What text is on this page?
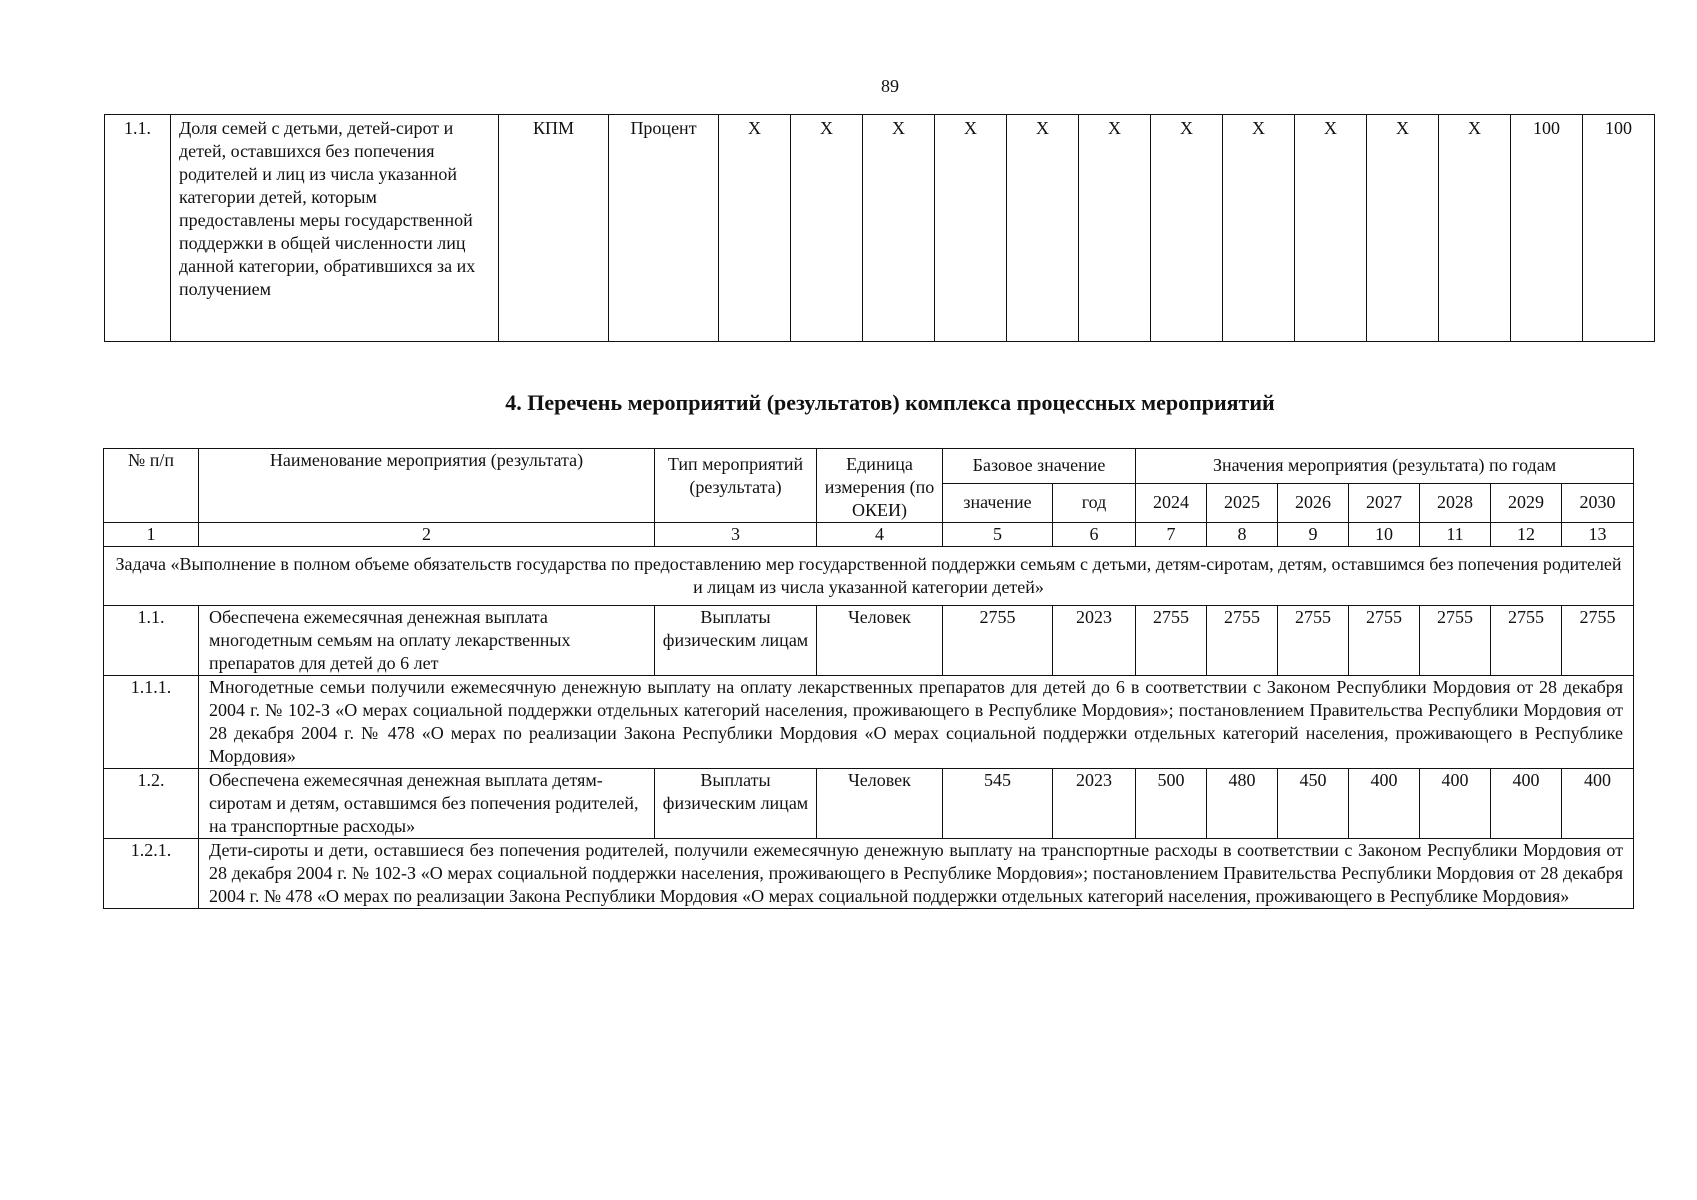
89
1.1.	Доля семей с детьми, детей-сирот и детей, оставшихся без попечения родителей и лиц из числа указанной категории детей, которым предоставлены меры государственной поддержки в общей численности лиц данной категории, обратившихся за их получением	КПМ	Процент	X	X	X	X	X	X	X	X	X	X	X	100	100
4. Перечень мероприятий (результатов) комплекса процессных мероприятий
№ п/п	Наименование мероприятия (результата)	Тип мероприятий (результата)	Единица измерения (по ОКЕИ)	Базовое значение		Значения мероприятия (результата) по годам						
				значение	год	2024	2025	2026	2027	2028	2029	2030
1	2	3	4	5	6	7	8	9	10	11	12	13
Задача «Выполнение в полном объеме обязательств государства по предоставлению мер государственной поддержки семьям с детьми, детям-сиротам, детям, оставшимся без попечения родителей и лицам из числа указанной категории детей»												
1.1.	Обеспечена ежемесячная денежная выплата многодетным семьям на оплату лекарственных препаратов для детей до 6 лет	Выплаты физическим лицам	Человек	2755	2023	2755	2755	2755	2755	2755	2755	2755
1.1.1.	Многодетные семьи получили ежемесячную денежную выплату на оплату лекарственных препаратов для детей до 6 в соответствии с Законом Республики Мордовия от 28 декабря 2004 г. № 102-З «О мерах социальной поддержки отдельных категорий населения, проживающего в Республике Мордовия»; постановлением Правительства Республики Мордовия от 28 декабря 2004 г. № 478 «О мерах по реализации Закона Республики Мордовия «О мерах социальной поддержки отдельных категорий населения, проживающего в Республике Мордовия»											
1.2.	Обеспечена ежемесячная денежная выплата детям-сиротам и детям, оставшимся без попечения родителей, на транспортные расходы»	Выплаты физическим лицам	Человек	545	2023	500	480	450	400	400	400	400
1.2.1.	Дети-сироты и дети, оставшиеся без попечения родителей, получили ежемесячную денежную выплату на транспортные расходы в соответствии с Законом Республики Мордовия от 28 декабря 2004 г. № 102-З «О мерах социальной поддержки населения, проживающего в Республике Мордовия»; постановлением Правительства Республики Мордовия от 28 декабря 2004 г. № 478 «О мерах по реализации Закона Республики Мордовия «О мерах социальной поддержки отдельных категорий населения, проживающего в Республике Мордовия»											
